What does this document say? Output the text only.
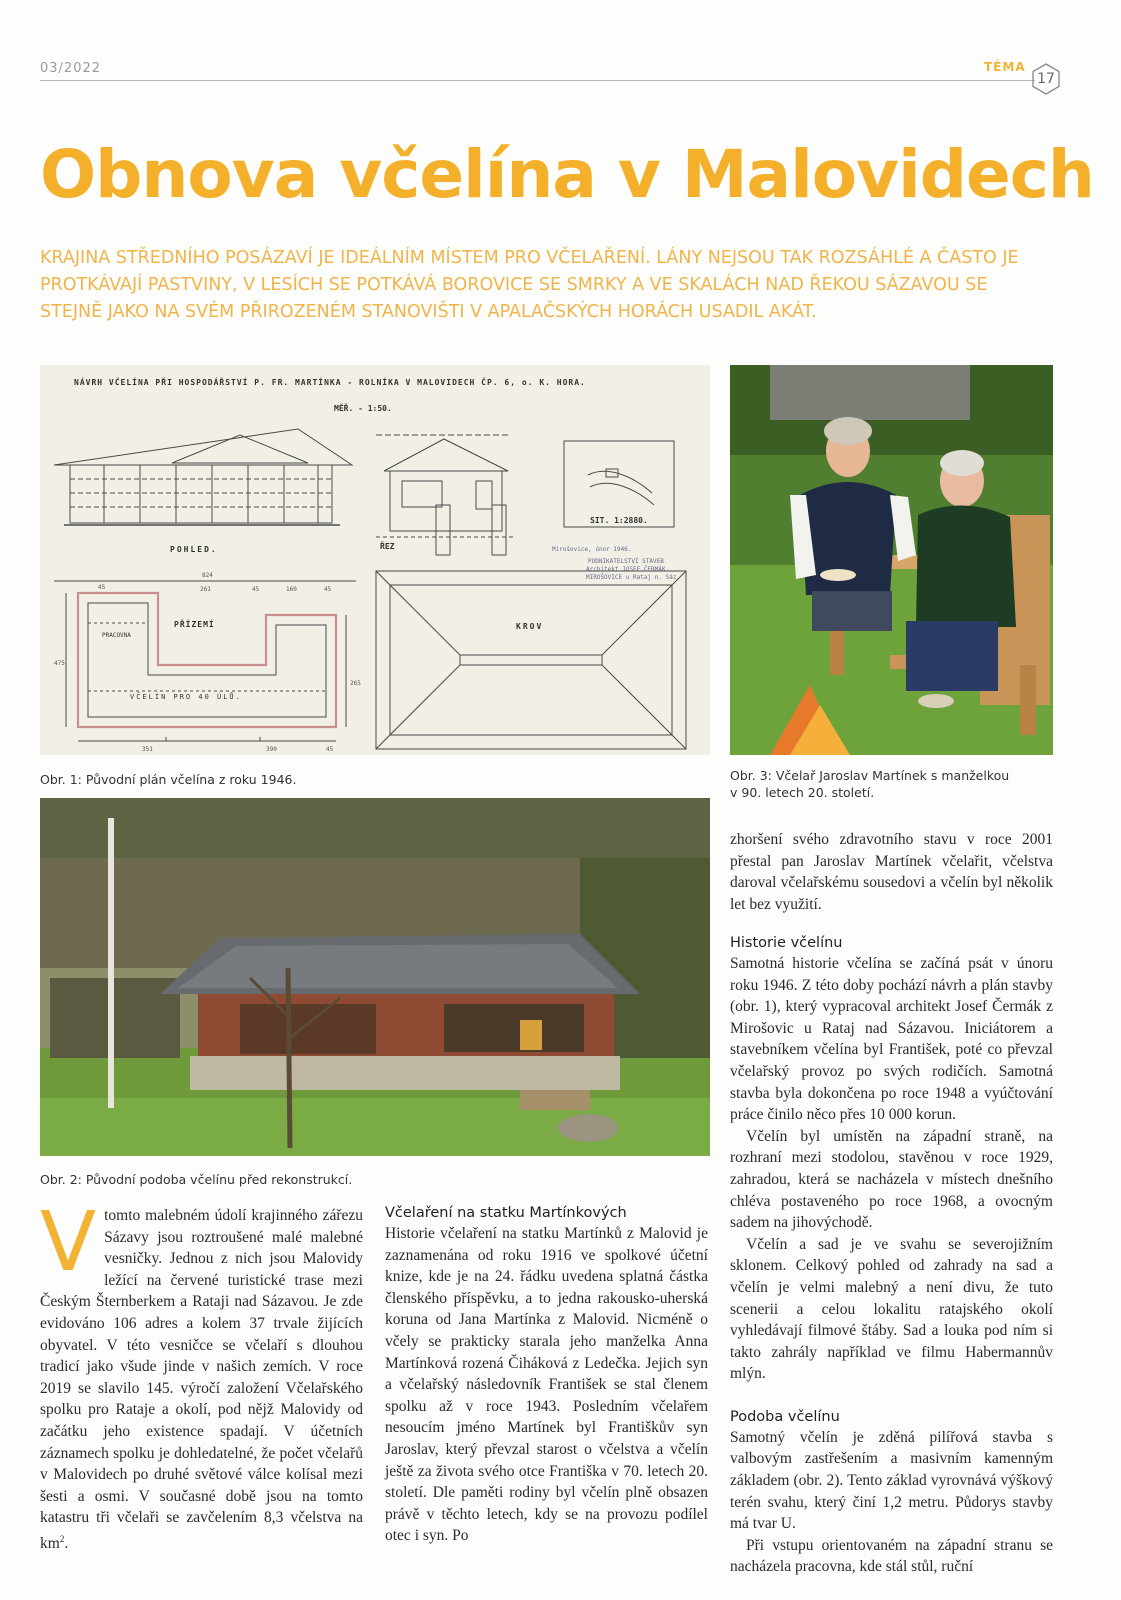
03/2022	TÉMA
17
Obnova včelína v Malovidech

KRAJINA STŘEDNÍHO POSÁZAVÍ JE IDEÁLNÍM MÍSTEM PRO VČELAŘENÍ. LÁNY NEJSOU TAK ROZSÁHLÉ A ČASTO JE PROTKÁVAJÍ PASTVINY, V LESÍCH SE POTKÁVÁ BOROVICE SE SMRKY A VE SKALÁCH NAD ŘEKOU SÁZAVOU SE STEJNĚ JAKO NA SVÉM PŘIROZENÉM STANOVIŠTI V APALAČSKÝCH HORÁCH USADIL AKÁT.

NÁVRH VČELÍNA PŘI HOSPODÁŘSTVÍ P. FR. MARTÍNKA - ROLNÍKA V MALOVIDECH ČP. 6, o. K. HORA.
MĚŘ. - 1:50.
POHLED.	ŘEZ
SIT. 1:2880.
Mirošovice, únor 1946.
PODNIKATELSTVÍ STAVEB
Architekt JOSEF ČERMÁK
MIROŠOVICE u Rataj n. Sáz.
PŘÍZEMÍ
PRACOVNA
VČELÍN PRO 40 ÚLŮ.
824
45	261	45	160	45
475
265
351	390	45
KROV
Obr. 1: Původní plán včelína z roku 1946.	Obr. 3: Včelař Jaroslav Martínek s manželkou
v 90. letech 20. století.
Obr. 2: Původní podoba včelínu před rekonstrukcí.

zhoršení svého zdravotního stavu v roce 2001 přestal pan Jaroslav Martínek včelařit, včelstva daroval včelařskému sousedovi a včelín byl několik let bez využití.

Historie včelínu

Samotná historie včelína se začíná psát v únoru roku 1946. Z této doby pochází návrh a plán stavby (obr. 1), který vypracoval architekt Josef Čermák z Mirošovic u Rataj nad Sázavou. Iniciátorem a stavebníkem včelína byl František, poté co převzal včelařský provoz po svých rodičích. Samotná stavba byla dokončena po roce 1948 a vyúčtování práce činilo něco přes 10 000 korun.

Včelín byl umístěn na západní straně, na rozhraní mezi stodolou, stavěnou v roce 1929, zahradou, která se nacházela v místech dnešního chléva postaveného po roce 1968, a ovocným sadem na jihovýchodě.

Včelín a sad je ve svahu se severojižním sklonem. Celkový pohled od zahrady na sad a včelín je velmi malebný a není divu, že tuto scenerii a celou lokalitu ratajského okolí vyhledávají filmové štáby. Sad a louka pod ním si takto zahrály například ve filmu Habermannův mlýn.

Podoba včelínu

Samotný včelín je zděná pilířová stavba s valbovým zastřešením a masivním kamenným základem (obr. 2). Tento základ vyrovnává výškový terén svahu, který činí 1,2 metru. Půdorys stavby má tvar U.

Při vstupu orientovaném na západní stranu se nacházela pracovna, kde stál stůl, ruční

Vtomto malebném údolí krajinného zářezu Sázavy jsou roztroušené malé malebné vesničky. Jednou z nich jsou Malovidy ležící na červené turistické trase mezi Českým Šternberkem a Rataji nad Sázavou. Je zde evidováno 106 adres a kolem 37 trvale žijících obyvatel. V této vesničce se včelaří s dlouhou tradicí jako všude jinde v našich zemích. V roce 2019 se slavilo 145. výročí založení Včelařského spolku pro Rataje a okolí, pod nějž Malovidy od začátku jeho existence spadají. V účetních záznamech spolku je dohledatelné, že počet včelařů v Malovidech po druhé světové válce kolísal mezi šesti a osmi. V současné době jsou na tomto katastru tři včelaři se zavčelením 8,3 včelstva na $km^2$.

Včelaření na statku Martínkových

Historie včelaření na statku Martínků z Malovid je zaznamenána od roku 1916 ve spolkové účetní knize, kde je na 24. řádku uvedena splatná částka členského příspěvku, a to jedna rakousko-uherská koruna od Jana Martínka z Malovid. Nicméně o včely se prakticky starala jeho manželka Anna Martínková rozená Čiháková z Ledečka. Jejich syn a včelařský následovník František se stal členem spolku až v roce 1943. Posledním včelařem nesoucím jméno Martínek byl Františkův syn Jaroslav, který převzal starost o včelstva a včelín ještě za života svého otce Františka v 70. letech 20. století. Dle paměti rodiny byl včelín plně obsazen právě v těchto letech, kdy se na provozu podílel otec i syn. Po
